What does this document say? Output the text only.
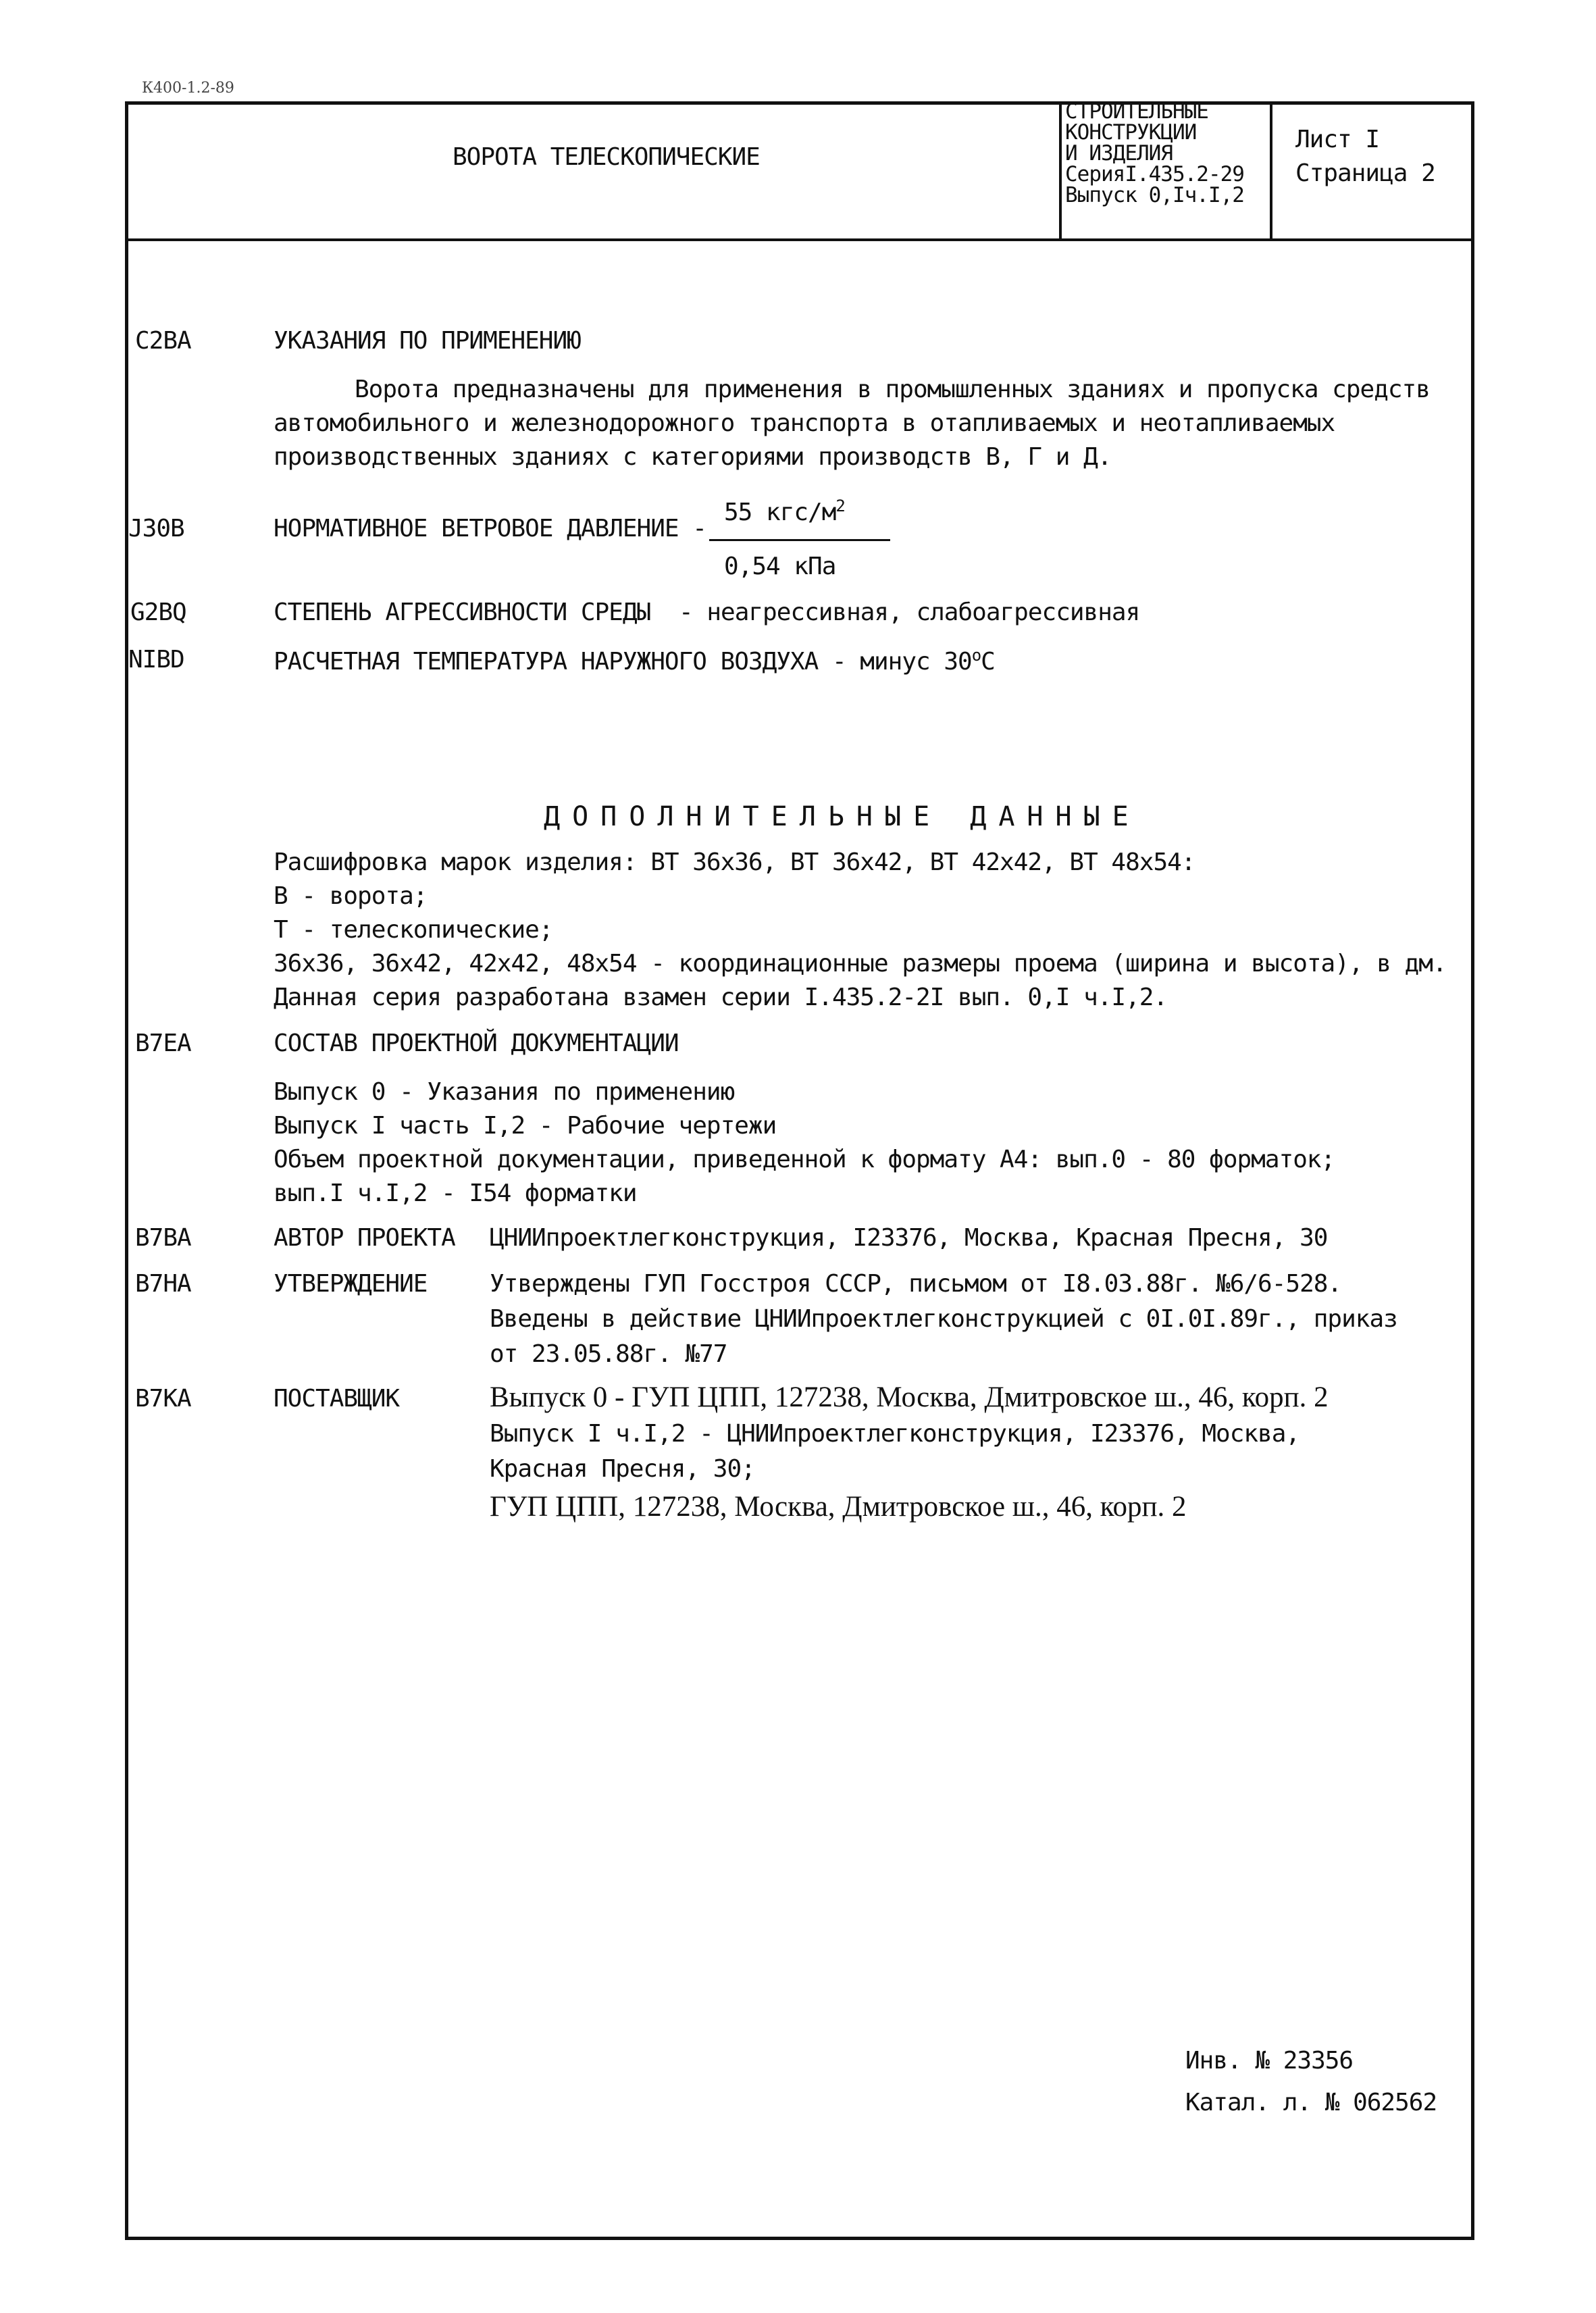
К400-1.2-89
ВОРОТА ТЕЛЕСКОПИЧЕСКИЕ
СТРОИТЕЛЬНЫЕ
КОНСТРУКЦИИ
И ИЗДЕЛИЯ
СерияI.435.2-29
Выпуск 0,Iч.I,2
Лист I
Страница 2
C2BA	УКАЗАНИЯ ПО ПРИМЕНЕНИЮ
Ворота предназначены для применения в промышленных зданиях и пропуска средств
автомобильного и железнодорожного транспорта в отапливаемых и неотапливаемых
производственных зданиях с категориями производств В, Г и Д.
55 кгс/$м^2$
J30B	НОРМАТИВНОЕ ВЕТРОВОЕ ДАВЛЕНИЕ -
0,54 кПа
G2BQ	СТЕПЕНЬ АГРЕССИВНОСТИ СРЕДЫ - неагрессивная, слабоагрессивная
NIBD	РАСЧЕТНАЯ ТЕМПЕРАТУРА НАРУЖНОГО ВОЗДУХА - минус $30^оС$
ДОПОЛНИТЕЛЬНЫЕ ДАННЫЕ
Расшифровка марок изделия: ВТ 36х36, ВТ 36х42, ВТ 42х42, ВТ 48х54:
В - ворота;
Т - телескопические;
36х36, 36х42, 42х42, 48х54 - координационные размеры проема (ширина и высота), в дм.
Данная серия разработана взамен серии I.435.2-2I вып. 0,I ч.I,2.
B7EA	СОСТАВ ПРОЕКТНОЙ ДОКУМЕНТАЦИИ
Выпуск 0 - Указания по применению
Выпуск I часть I,2 - Рабочие чертежи
Объем проектной документации, приведенной к формату А4: вып.0 - 80 форматок;
вып.I ч.I,2 - I54 форматки
B7BA	АВТОР ПРОЕКТА ЦНИИпроектлегконструкция, I23376, Москва, Красная Пресня, 30
B7HA	УТВЕРЖДЕНИЕ	Утверждены ГУП Госстроя СССР, письмом от I8.03.88г. №6/6-528.
Введены в действие ЦНИИпроектлегконструкцией с 0I.0I.89г., приказ
от 23.05.88г. №77
B7KA	ПОСТАВЩИК	Выпуск 0 - ГУП ЦПП, 127238, Москва, Дмитровское ш., 46, корп. 2
Выпуск I ч.I,2 - ЦНИИпроектлегконструкция, I23376, Москва,
Красная Пресня, 30;
ГУП ЦПП, 127238, Москва, Дмитровское ш., 46, корп. 2
Инв. № 23356
Катал. л. № 062562
